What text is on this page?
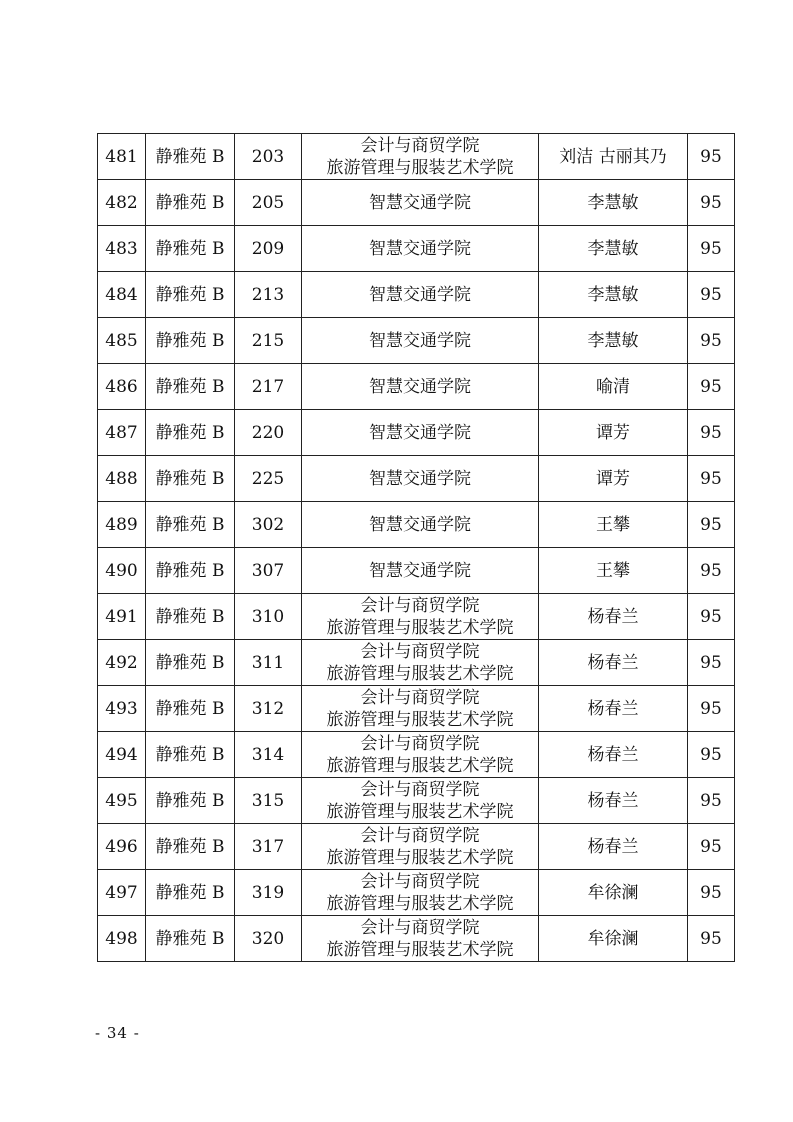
481	静雅苑 B	203	会计与商贸学院
旅游管理与服装艺术学院	刘洁 古丽其乃	95
482	静雅苑 B	205	智慧交通学院	李慧敏	95
483	静雅苑 B	209	智慧交通学院	李慧敏	95
484	静雅苑 B	213	智慧交通学院	李慧敏	95
485	静雅苑 B	215	智慧交通学院	李慧敏	95
486	静雅苑 B	217	智慧交通学院	喻清	95
487	静雅苑 B	220	智慧交通学院	谭芳	95
488	静雅苑 B	225	智慧交通学院	谭芳	95
489	静雅苑 B	302	智慧交通学院	王攀	95
490	静雅苑 B	307	智慧交通学院	王攀	95
491	静雅苑 B	310	会计与商贸学院
旅游管理与服装艺术学院	杨春兰	95
492	静雅苑 B	311	会计与商贸学院
旅游管理与服装艺术学院	杨春兰	95
493	静雅苑 B	312	会计与商贸学院
旅游管理与服装艺术学院	杨春兰	95
494	静雅苑 B	314	会计与商贸学院
旅游管理与服装艺术学院	杨春兰	95
495	静雅苑 B	315	会计与商贸学院
旅游管理与服装艺术学院	杨春兰	95
496	静雅苑 B	317	会计与商贸学院
旅游管理与服装艺术学院	杨春兰	95
497	静雅苑 B	319	会计与商贸学院
旅游管理与服装艺术学院	牟徐澜	95
498	静雅苑 B	320	会计与商贸学院
旅游管理与服装艺术学院	牟徐澜	95
- 34 -
